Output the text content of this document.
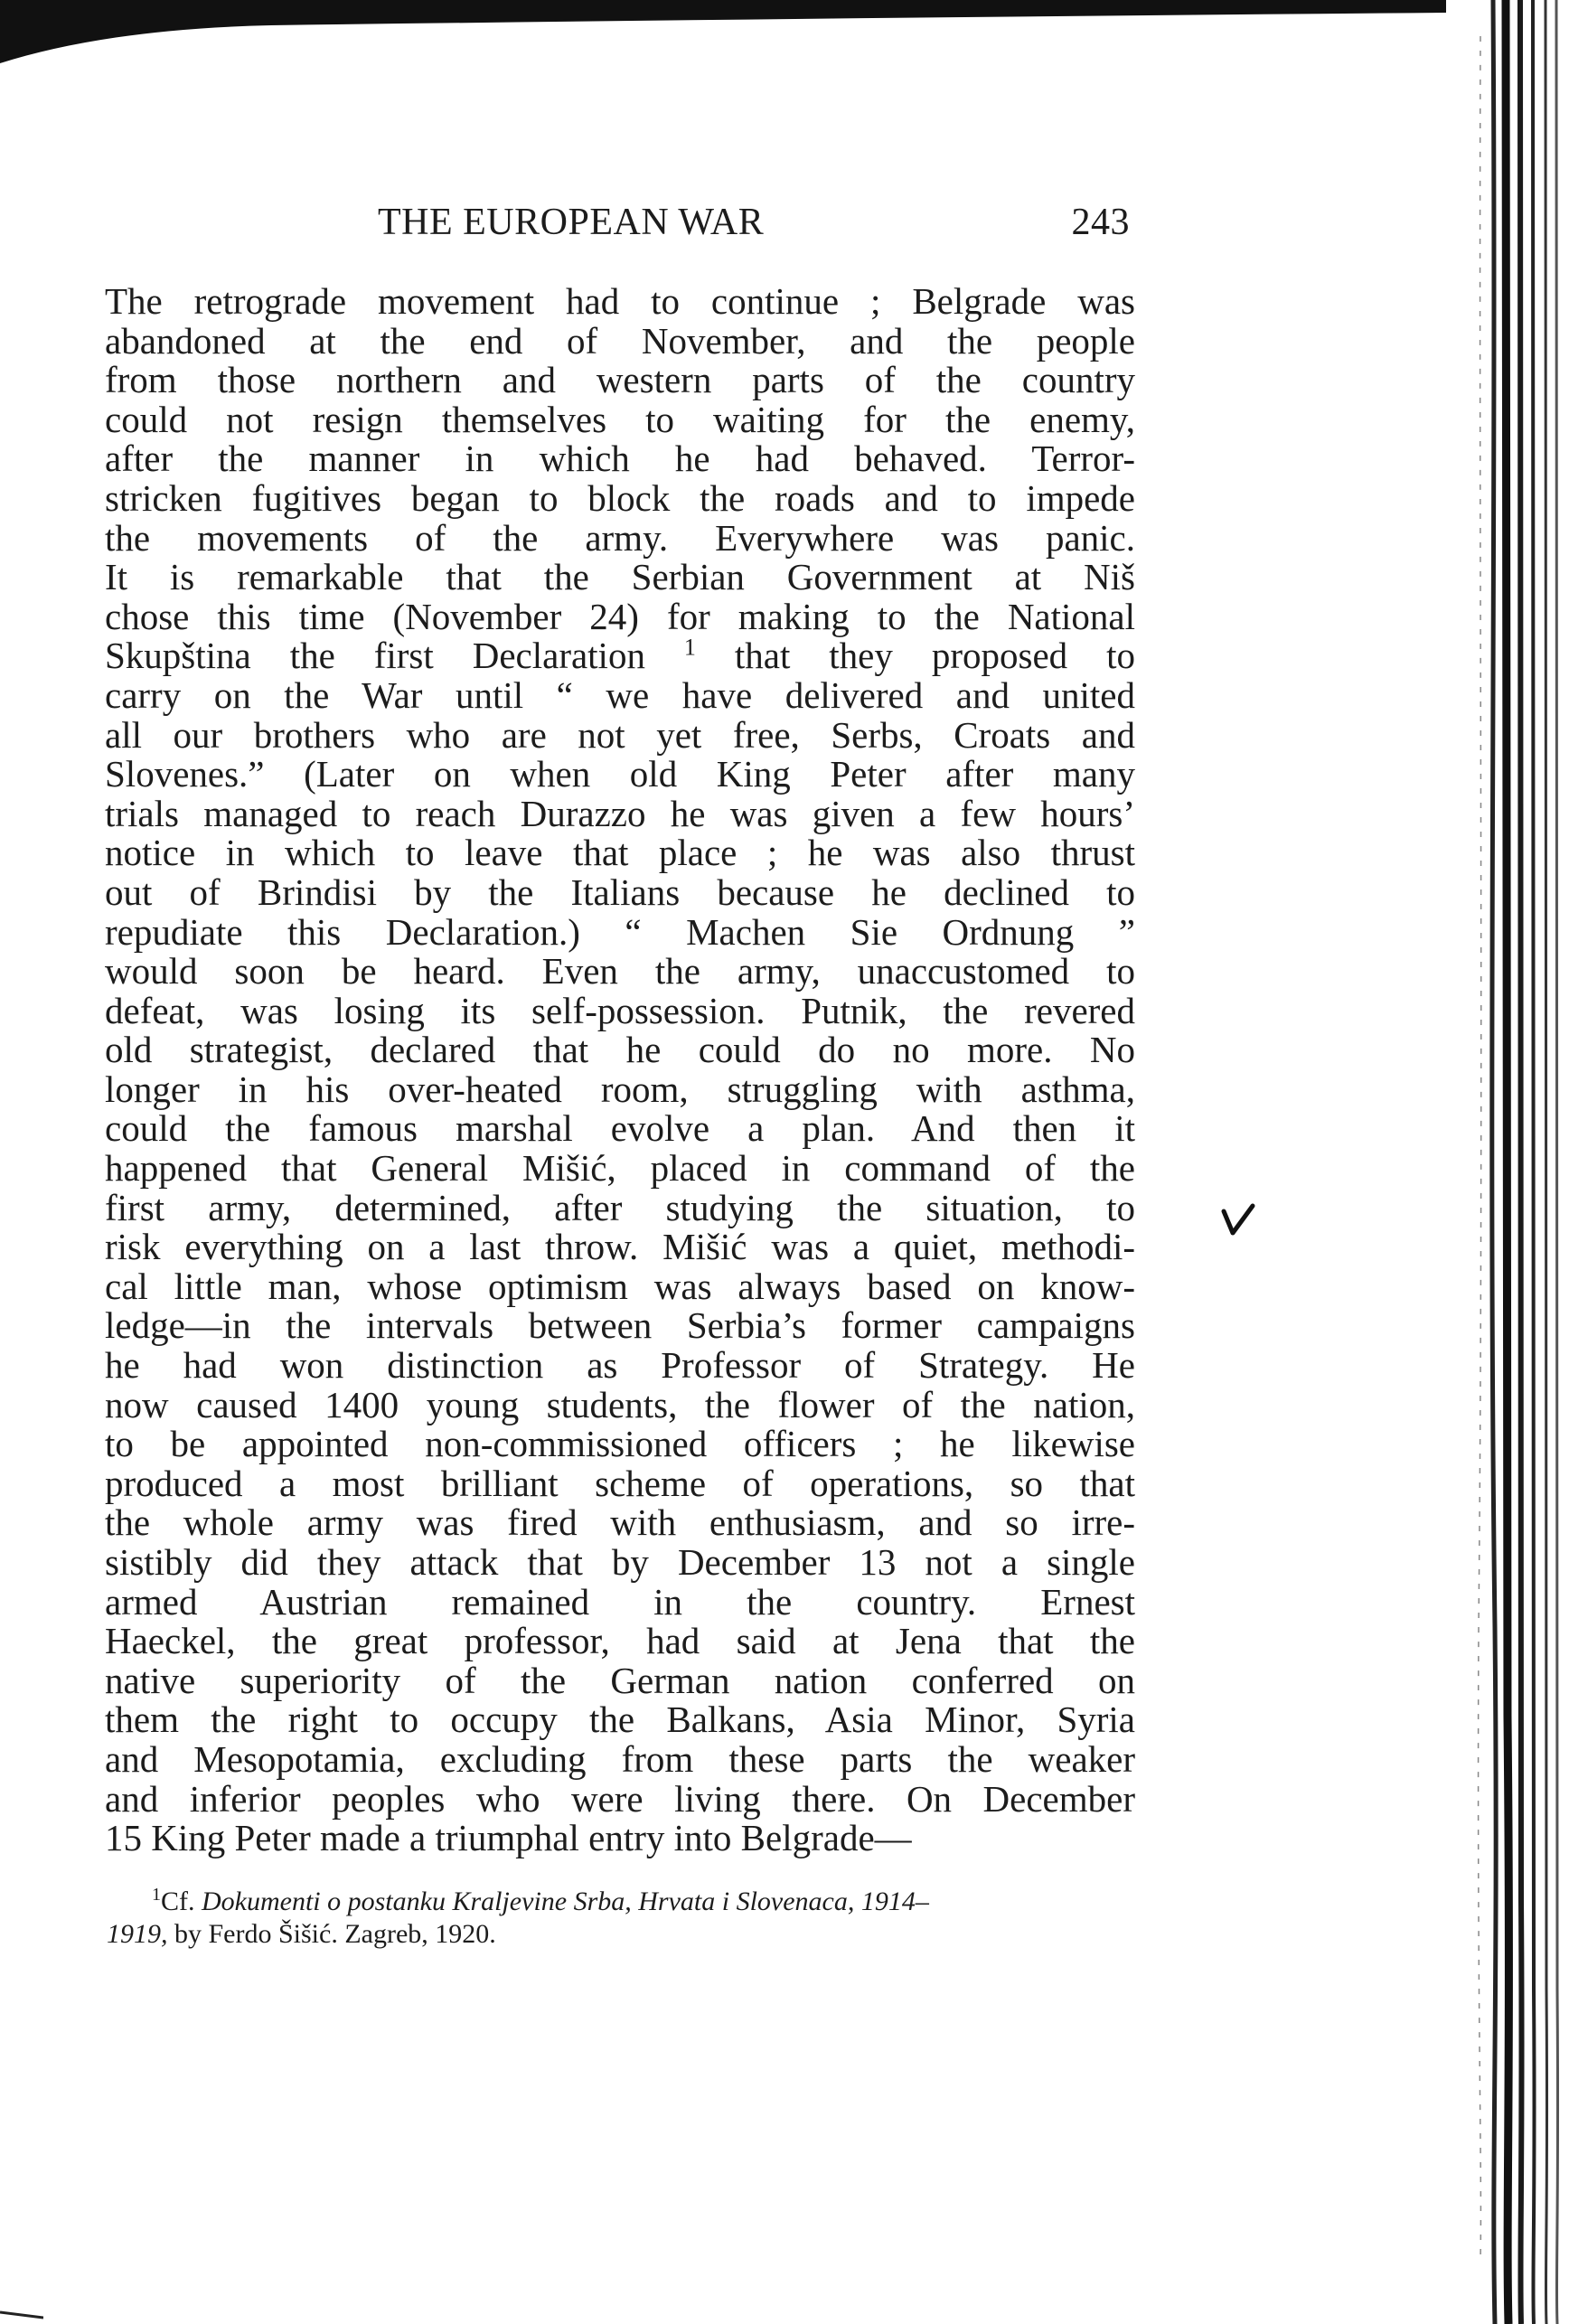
THE EUROPEAN WAR	243
The retrograde movement had to continue ; Belgrade was
abandoned at the end of November, and the people
from those northern and western parts of the country
could not resign themselves to waiting for the enemy,
after the manner in which he had behaved. Terror-
stricken fugitives began to block the roads and to impede
the movements of the army. Everywhere was panic.
It is remarkable that the Serbian Government at Niš
chose this time (November 24) for making to the National
Skupština the first Declaration $^1$ that they proposed to
carry on the War until “ we have delivered and united
all our brothers who are not yet free, Serbs, Croats and
Slovenes.” (Later on when old King Peter after many
trials managed to reach Durazzo he was given a few hours’
notice in which to leave that place ; he was also thrust
out of Brindisi by the Italians because he declined to
repudiate this Declaration.) “ Machen Sie Ordnung ”
would soon be heard. Even the army, unaccustomed to
defeat, was losing its self-possession. Putnik, the revered
old strategist, declared that he could do no more. No
longer in his over-heated room, struggling with asthma,
could the famous marshal evolve a plan. And then it
happened that General Mišić, placed in command of the
first army, determined, after studying the situation, to
risk everything on a last throw. Mišić was a quiet, methodi-
cal little man, whose optimism was always based on know-
ledge—in the intervals between Serbia’s former campaigns
he had won distinction as Professor of Strategy. He
now caused 1400 young students, the flower of the nation,
to be appointed non-commissioned officers ; he likewise
produced a most brilliant scheme of operations, so that
the whole army was fired with enthusiasm, and so irre-
sistibly did they attack that by December 13 not a single
armed Austrian remained in the country. Ernest
Haeckel, the great professor, had said at Jena that the
native superiority of the German nation conferred on
them the right to occupy the Balkans, Asia Minor, Syria
and Mesopotamia, excluding from these parts the weaker
and inferior peoples who were living there. On December
15 King Peter made a triumphal entry into Belgrade—
$^1$Cf. Dokumenti o postanku Kraljevine Srba, Hrvata i Slovenaca, 1914–
1919, by Ferdo Šišić. Zagreb, 1920.
